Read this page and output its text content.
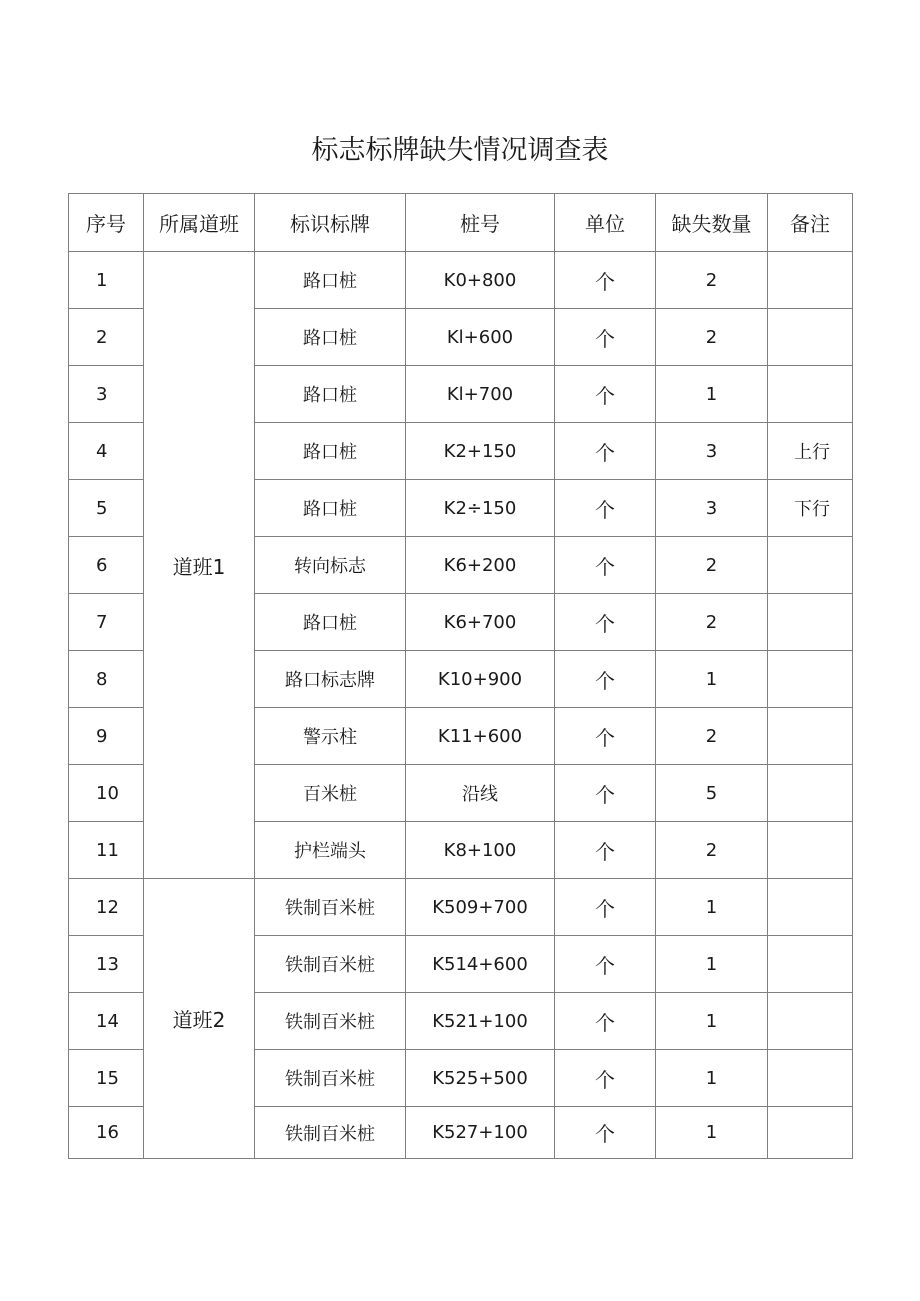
标志标牌缺失情况调查表
序号	所属道班	标识标牌	桩号	单位	缺失数量	备注
1	道班1	路口桩	K0+800	个	2	
2		路口桩	Kl+600	个	2	
3		路口桩	Kl+700	个	1	
4		路口桩	K2+150	个	3	上行
5		路口桩	K2÷150	个	3	下行
6		转向标志	K6+200	个	2	
7		路口桩	K6+700	个	2	
8		路口标志牌	K10+900	个	1	
9		警示柱	K11+600	个	2	
10		百米桩	沿线	个	5	
11		护栏端头	K8+100	个	2	
12	道班2	铁制百米桩	K509+700	个	1	
13		铁制百米桩	K514+600	个	1	
14		铁制百米桩	K521+100	个	1	
15		铁制百米桩	K525+500	个	1	
16		铁制百米桩	K527+100	个	1	
